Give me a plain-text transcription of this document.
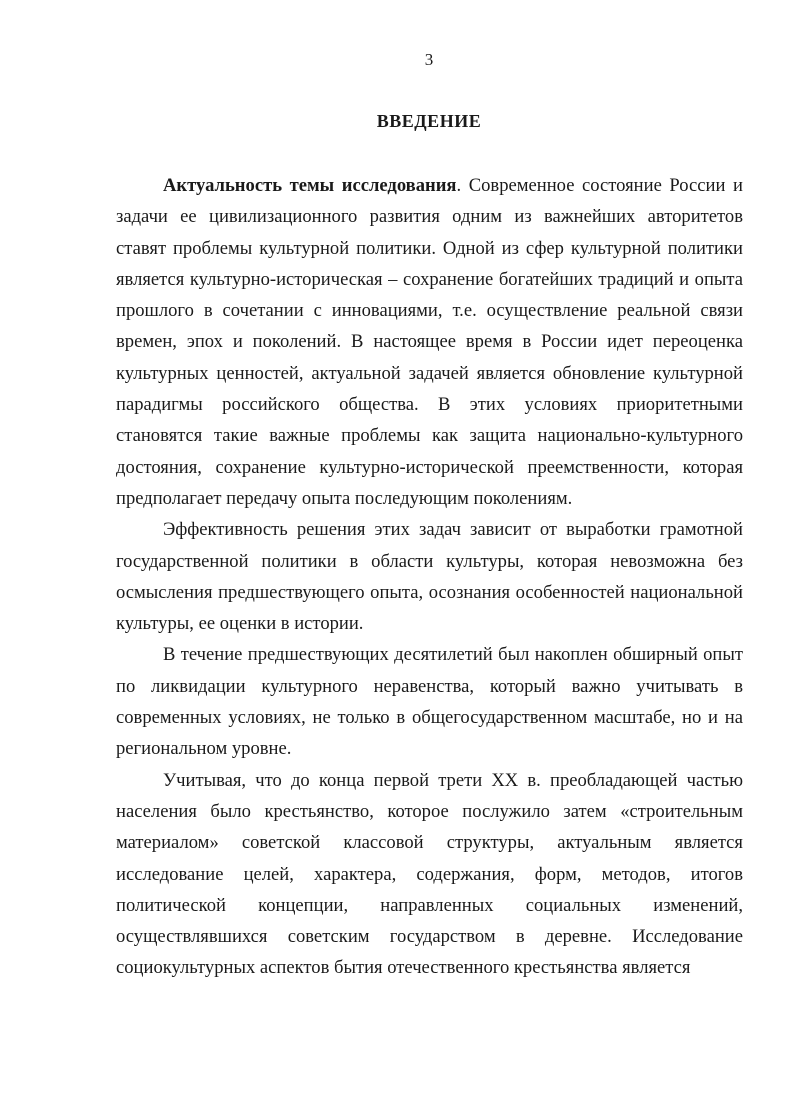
3
ВВЕДЕНИЕ

Актуальность темы исследования. Современное состояние России и задачи ее цивилизационного развития одним из важнейших авторитетов ставят проблемы культурной политики. Одной из сфер культурной политики является культурно-историческая – сохранение богатейших традиций и опыта прошлого в сочетании с инновациями, т.е. осуществление реальной связи времен, эпох и поколений. В настоящее время в России идет переоценка культурных ценностей, актуальной задачей является обновление культурной парадигмы российского общества. В этих условиях приоритетными становятся такие важные проблемы как защита национально-культурного достояния, сохранение культурно-исторической преемственности, которая предполагает передачу опыта последующим поколениям.

Эффективность решения этих задач зависит от выработки грамотной государственной политики в области культуры, которая невозможна без осмысления предшествующего опыта, осознания особенностей национальной культуры, ее оценки в истории.

В течение предшествующих десятилетий был накоплен обширный опыт по ликвидации культурного неравенства, который важно учитывать в современных условиях, не только в общегосударственном масштабе, но и на региональном уровне.

Учитывая, что до конца первой трети XX в. преобладающей частью населения было крестьянство, которое послужило затем «строительным материалом» советской классовой структуры, актуальным является исследование целей, характера, содержания, форм, методов, итогов политической концепции, направленных социальных изменений, осуществлявшихся советским государством в деревне. Исследование социокультурных аспектов бытия отечественного крестьянства является
